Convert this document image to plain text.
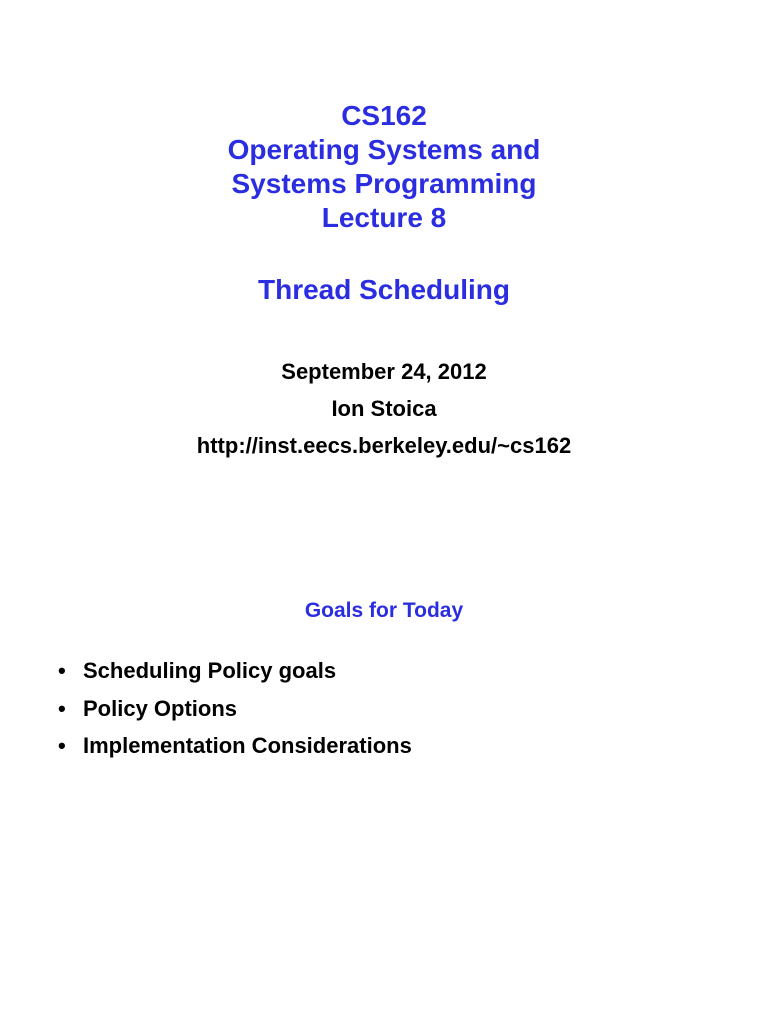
CS162
Operating Systems and
Systems Programming
Lecture 8
Thread Scheduling
September 24, 2012
Ion Stoica
http://inst.eecs.berkeley.edu/~cs162
Goals for Today
• Scheduling Policy goals
• Policy Options
• Implementation Considerations
